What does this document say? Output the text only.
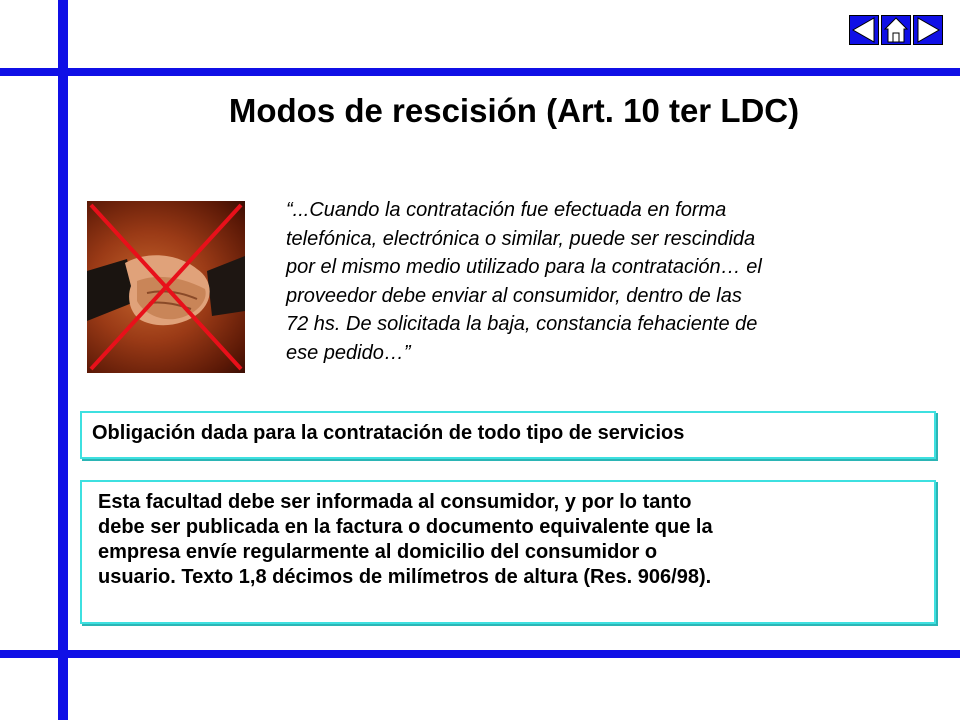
Modos de rescisión (Art. 10 ter LDC)
“...Cuando la contratación fue efectuada en forma
telefónica, electrónica o similar, puede ser rescindida
por el mismo medio utilizado para la contratación… el
proveedor debe enviar al consumidor, dentro de las
72 hs. De solicitada la baja, constancia fehaciente de
ese pedido…”
Obligación dada para la contratación de todo tipo de servicios
Esta facultad debe ser informada al consumidor, y por lo tanto
debe ser publicada en la factura o documento equivalente que la
empresa envíe regularmente al domicilio del consumidor o
usuario. Texto 1,8 décimos de milímetros de altura (Res. 906/98).
